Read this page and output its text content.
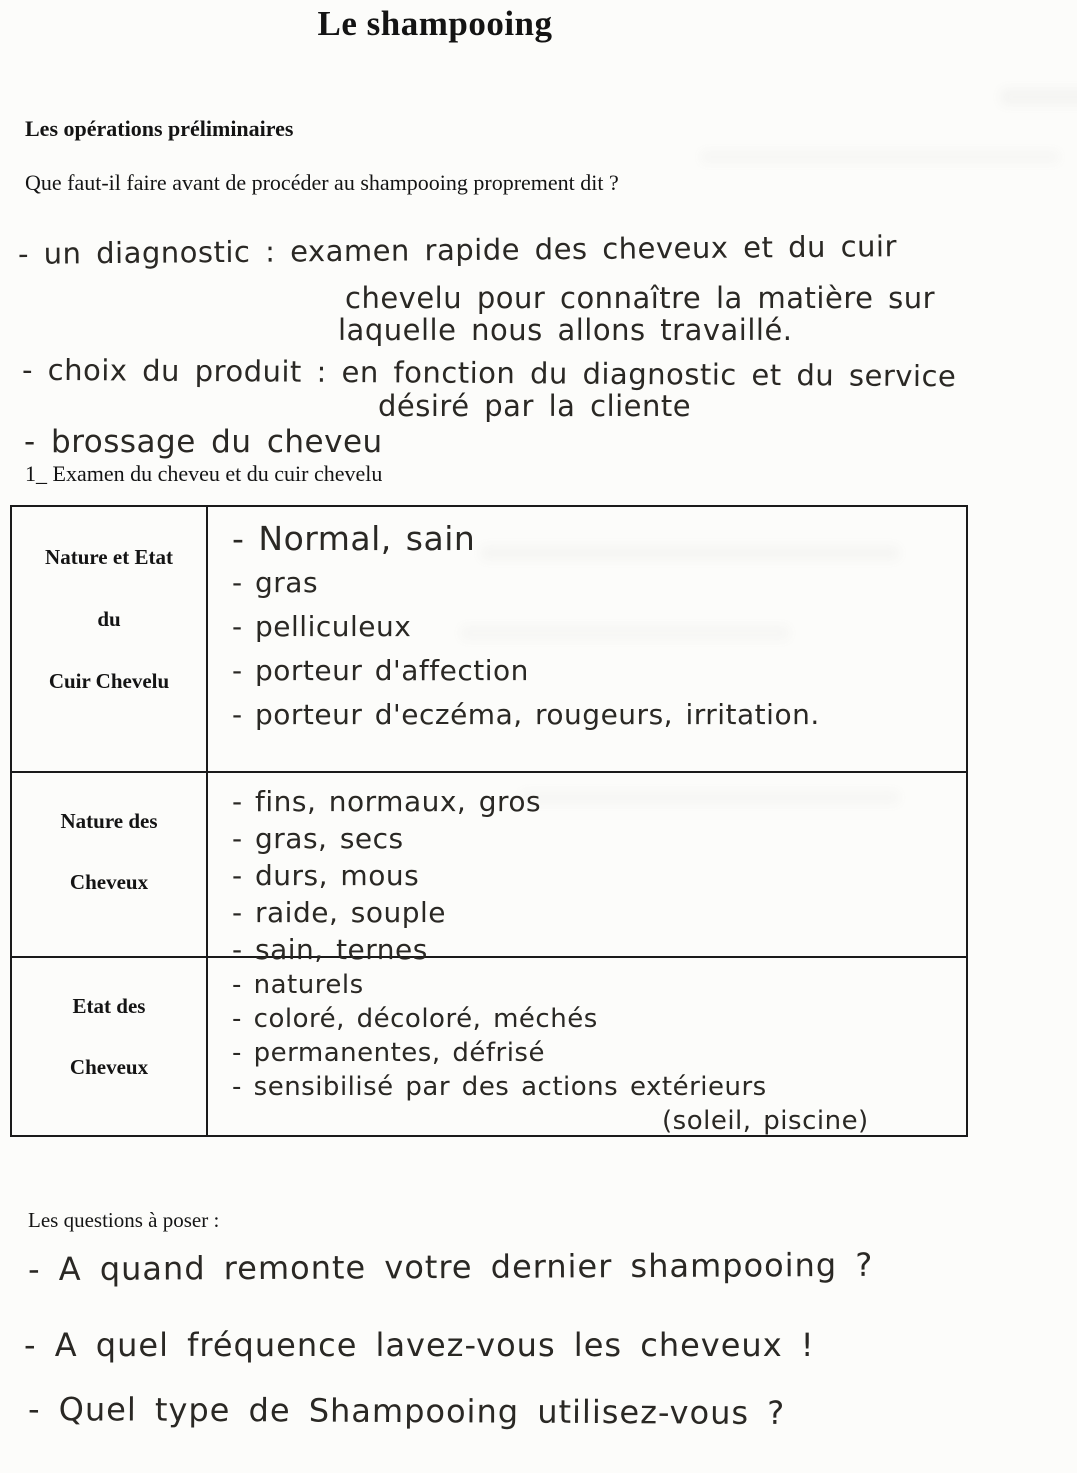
Le shampooing
Les opérations préliminaires

Que faut-il faire avant de procéder au shampooing proprement dit ?

- un diagnostic : examen rapide des cheveux et du cuir
chevelu pour connaître la matière sur
laquelle nous allons travaillé.
- choix du produit : en fonction du diagnostic et du service
désiré par la cliente
- brossage du cheveu

1_ Examen du cheveu et du cuir chevelu

Nature et Etat
du
Cuir Chevelu
- Normal, sain
- gras
- pelliculeux
- porteur d'affection
- porteur d'eczéma, rougeurs, irritation.
Nature des
Cheveux
- fins, normaux, gros
- gras, secs
- durs, mous
- raide, souple
- sain, ternes
Etat des
Cheveux
- naturels
- coloré, décoloré, méchés
- permanentes, défrisé
- sensibilisé par des actions extérieurs
(soleil, piscine)

Les questions à poser :

- A quand remonte votre dernier shampooing ?
- A quel fréquence lavez-vous les cheveux !
- Quel type de Shampooing utilisez-vous ?
